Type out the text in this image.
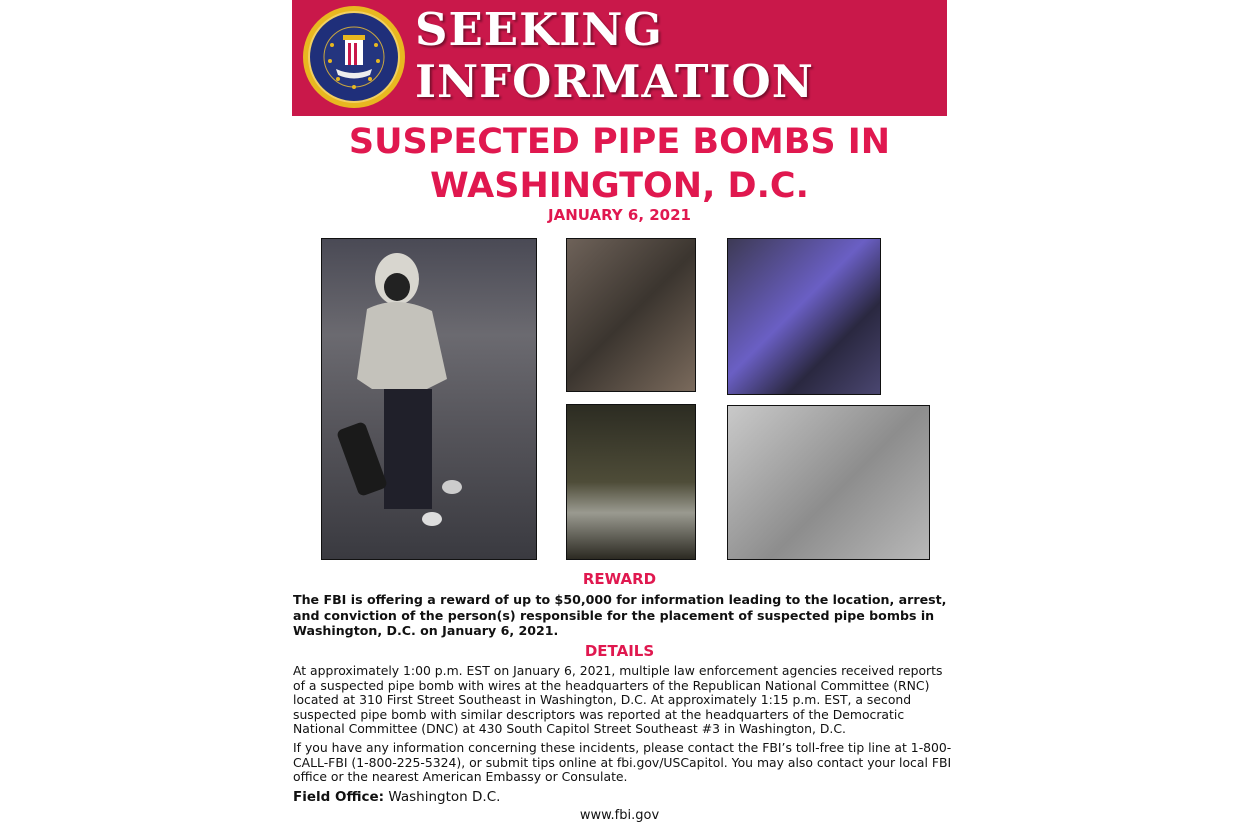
SEEKING
INFORMATION
SUSPECTED PIPE BOMBS IN
WASHINGTON, D.C.
JANUARY 6, 2021
REWARD
The FBI is offering a reward of up to $50,000 for information leading to the location, arrest, and conviction of the person(s) responsible for the placement of suspected pipe bombs in Washington, D.C. on January 6, 2021.
DETAILS

At approximately 1:00 p.m. EST on January 6, 2021, multiple law enforcement agencies received reports of a suspected pipe bomb with wires at the headquarters of the Republican National Committee (RNC) located at 310 First Street Southeast in Washington, D.C. At approximately 1:15 p.m. EST, a second suspected pipe bomb with similar descriptors was reported at the headquarters of the Democratic National Committee (DNC) at 430 South Capitol Street Southeast #3 in Washington, D.C.

If you have any information concerning these incidents, please contact the FBI’s toll-free tip line at 1-800-CALL-FBI (1-800-225-5324), or submit tips online at fbi.gov/USCapitol. You may also contact your local FBI office or the nearest American Embassy or Consulate.

Field Office: Washington D.C.
www.fbi.gov
